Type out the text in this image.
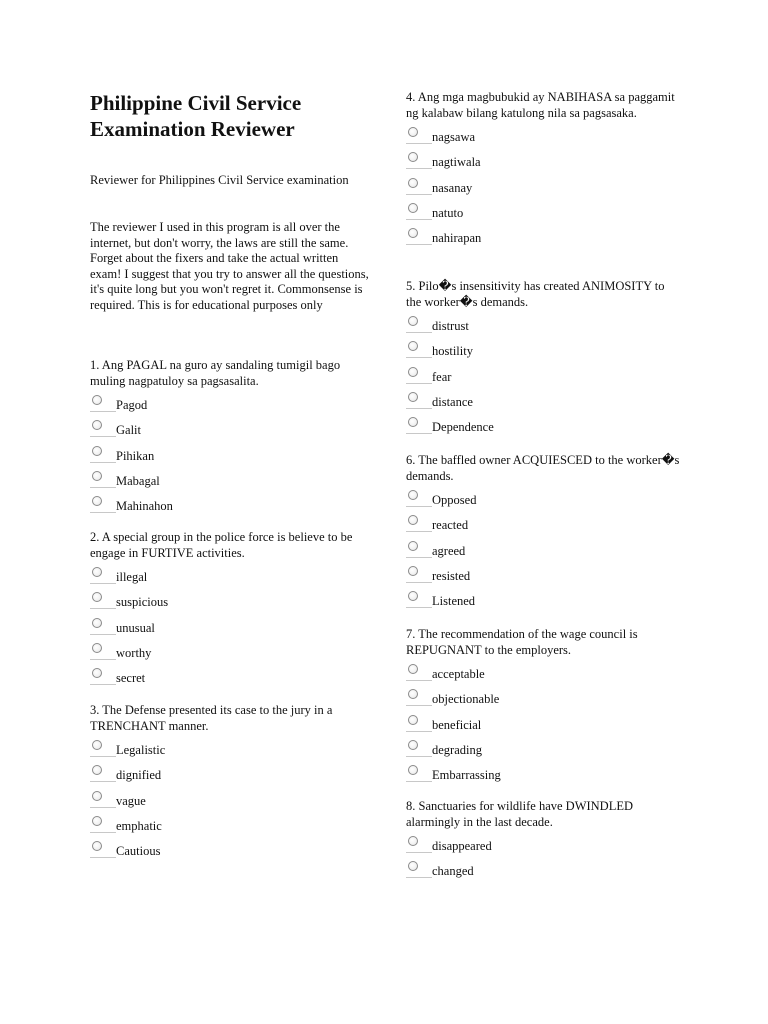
Philippine Civil Service Examination Reviewer

Reviewer for Philippines Civil Service examination

The reviewer I used in this program is all over the internet, but don't worry, the laws are still the same. Forget about the fixers and take the actual written exam! I suggest that you try to answer all the questions, it's quite long but you won't regret it. Commonsense is required. This is for educational purposes only

1. Ang PAGAL na guro ay sandaling tumigil bago muling nagpatuloy sa pagsasalita.

Pagod
Galit
Pihikan
Mabagal
Mahinahon

2. A special group in the police force is believe to be engage in FURTIVE activities.

illegal
suspicious
unusual
worthy
secret

3. The Defense presented its case to the jury in a TRENCHANT manner.

Legalistic
dignified
vague
emphatic
Cautious

4. Ang mga magbubukid ay NABIHASA sa paggamit ng kalabaw bilang katulong nila sa pagsasaka.

nagsawa
nagtiwala
nasanay
natuto
nahirapan

5. Pilo�s insensitivity has created ANIMOSITY to the worker�s demands.

distrust
hostility
fear
distance
Dependence

6. The baffled owner ACQUIESCED to the worker�s demands.

Opposed
reacted
agreed
resisted
Listened

7. The recommendation of the wage council is REPUGNANT to the employers.

acceptable
objectionable
beneficial
degrading
Embarrassing

8. Sanctuaries for wildlife have DWINDLED alarmingly in the last decade.

disappeared
changed
